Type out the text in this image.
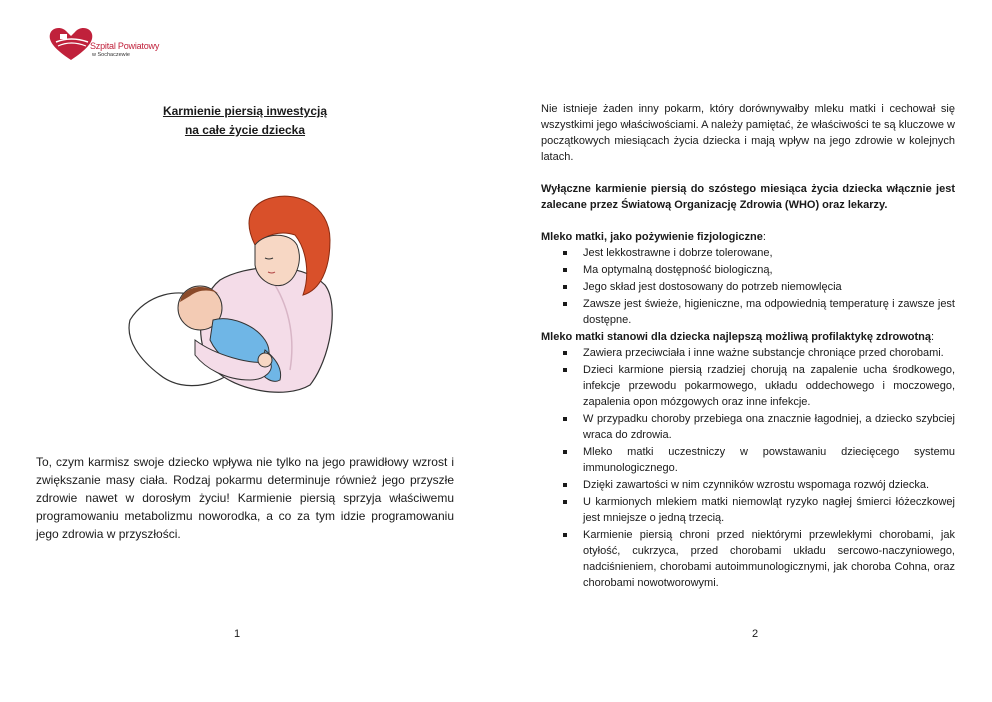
Szpital Powiatowy
w Sochaczewie
Karmienie piersią inwestycją
na całe życie dziecka
To, czym karmisz swoje dziecko wpływa nie tylko na jego prawidłowy wzrost i zwiększanie masy ciała. Rodzaj pokarmu determinuje również jego przyszłe zdrowie nawet w dorosłym życiu! Karmienie piersią sprzyja właściwemu programowaniu metabolizmu noworodka, a co za tym idzie programowaniu jego zdrowia w przyszłości.
1

Nie istnieje żaden inny pokarm, który dorównywałby mleku matki i cechował się wszystkimi jego właściwościami. A należy pamiętać, że właściwości te są kluczowe w początkowych miesiącach życia dziecka i mają wpływ na jego zdrowie w kolejnych latach.

Wyłączne karmienie piersią do szóstego miesiąca życia dziecka włącznie jest zalecane przez Światową Organizację Zdrowia (WHO) oraz lekarzy.

Mleko matki, jako pożywienie fizjologiczne:

Jest lekkostrawne i dobrze tolerowane,
Ma optymalną dostępność biologiczną,
Jego skład jest dostosowany do potrzeb niemowlęcia
Zawsze jest świeże, higieniczne, ma odpowiednią temperaturę i zawsze jest dostępne.

Mleko matki stanowi dla dziecka najlepszą możliwą profilaktykę zdrowotną:

Zawiera przeciwciała i inne ważne substancje chroniące przed chorobami.
Dzieci karmione piersią rzadziej chorują na zapalenie ucha środkowego, infekcje przewodu pokarmowego, układu oddechowego i moczowego, zapalenia opon mózgowych oraz inne infekcje.
W przypadku choroby przebiega ona znacznie łagodniej, a dziecko szybciej wraca do zdrowia.
Mleko matki uczestniczy w powstawaniu dziecięcego systemu immunologicznego.
Dzięki zawartości w nim czynników wzrostu wspomaga rozwój dziecka.
U karmionych mlekiem matki niemowląt ryzyko nagłej śmierci łóżeczkowej jest mniejsze o jedną trzecią.
Karmienie piersią chroni przed niektórymi przewlekłymi chorobami, jak otyłość, cukrzyca, przed chorobami układu sercowo-naczyniowego, nadciśnieniem, chorobami autoimmunologicznymi, jak choroba Cohna, oraz chorobami nowotworowymi.
2
